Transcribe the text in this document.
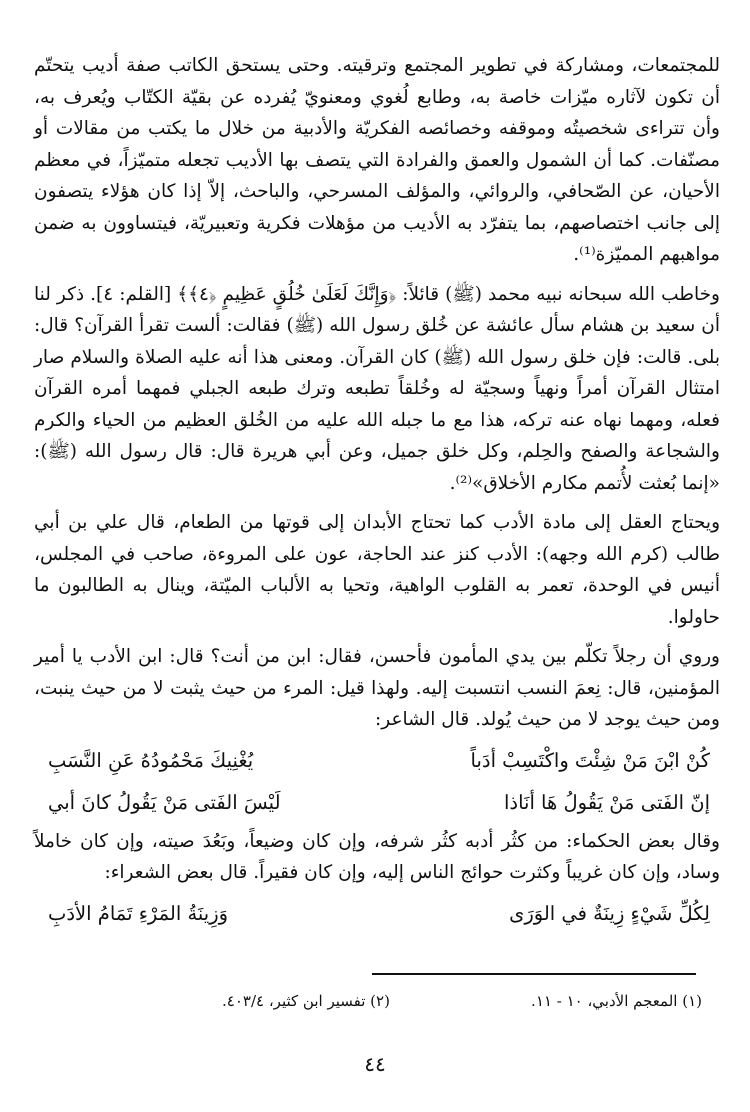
للمجتمعات، ومشاركة في تطوير المجتمع وترقيته. وحتى يستحق الكاتب صفة أديب يتحتّم أن تكون لآثاره ميّزات خاصة به، وطابع لُغوي ومعنويّ يُفرده عن بقيّة الكتّاب ويُعرف به، وأن تتراءى شخصيتُه وموقفه وخصائصه الفكريّة والأدبية من خلال ما يكتب من مقالات أو مصنّفات. كما أن الشمول والعمق والفرادة التي يتصف بها الأديب تجعله متميّزاً، في معظم الأحيان، عن الصّحافي، والروائي، والمؤلف المسرحي، والباحث، إلاّ إذا كان هؤلاء يتصفون إلى جانب اختصاصهم، بما يتفرّد به الأديب من مؤهلات فكرية وتعبيريّة، فيتساوون به ضمن مواهبهم المميّزة⁽¹⁾.

وخاطب الله سبحانه نبيه محمد (ﷺ) قائلاً: ﴿وَإِنَّكَ لَعَلَىٰ خُلُقٍ عَظِيمٍ ﴿٤﴾﴾ [القلم: ٤]. ذكر لنا أن سعيد بن هشام سأل عائشة عن خُلق رسول الله (ﷺ) فقالت: ألست تقرأ القرآن؟ قال: بلى. قالت: فإن خلق رسول الله (ﷺ) كان القرآن. ومعنى هذا أنه عليه الصلاة والسلام صار امتثال القرآن أمراً ونهياً وسجيّة له وخُلقاً تطبعه وترك طبعه الجبلي فمهما أمره القرآن فعله، ومهما نهاه عنه تركه، هذا مع ما جبله الله عليه من الخُلق العظيم من الحياء والكرم والشجاعة والصفح والحِلم، وكل خلق جميل، وعن أبي هريرة قال: قال رسول الله (ﷺ): «إنما بُعثت لأُتمم مكارم الأخلاق»⁽²⁾.

ويحتاج العقل إلى مادة الأدب كما تحتاج الأبدان إلى قوتها من الطعام، قال علي بن أبي طالب (كرم الله وجهه): الأدب كنز عند الحاجة، عون على المروءة، صاحب في المجلس، أنيس في الوحدة، تعمر به القلوب الواهية، وتحيا به الألباب الميّتة، وينال به الطالبون ما حاولوا.

وروي أن رجلاً تكلّم بين يدي المأمون فأحسن، فقال: ابن من أنت؟ قال: ابن الأدب يا أمير المؤمنين، قال: نِعمَ النسب انتسبت إليه. ولهذا قيل: المرء من حيث يثبت لا من حيث ينبت، ومن حيث يوجد لا من حيث يُولد. قال الشاعر:

كُنْ ابْنَ مَنْ شِئْتَ واكْتَسِبْ أدَباً
يُغْنِيكَ مَحْمُودُهُ عَنِ النَّسَبِ
إنّ الفَتى مَنْ يَقُولُ هَا أنَاذا
لَيْسَ الفَتى مَنْ يَقُولُ كانَ أبي

وقال بعض الحكماء: من كثُر أدبه كثُر شرفه، وإن كان وضيعاً، وبَعُدَ صيته، وإن كان خاملاً وساد، وإن كان غريباً وكثرت حوائج الناس إليه، وإن كان فقيراً. قال بعض الشعراء:

لِكُلِّ شَيْءٍ زِينَةٌ في الوَرَى
وَزِينَةُ المَرْءِ تَمَامُ الأدَبِ
(١) المعجم الأدبي، ١٠ - ١١.
(٢) تفسير ابن كثير، ٤٠٣/٤.
٤٤
